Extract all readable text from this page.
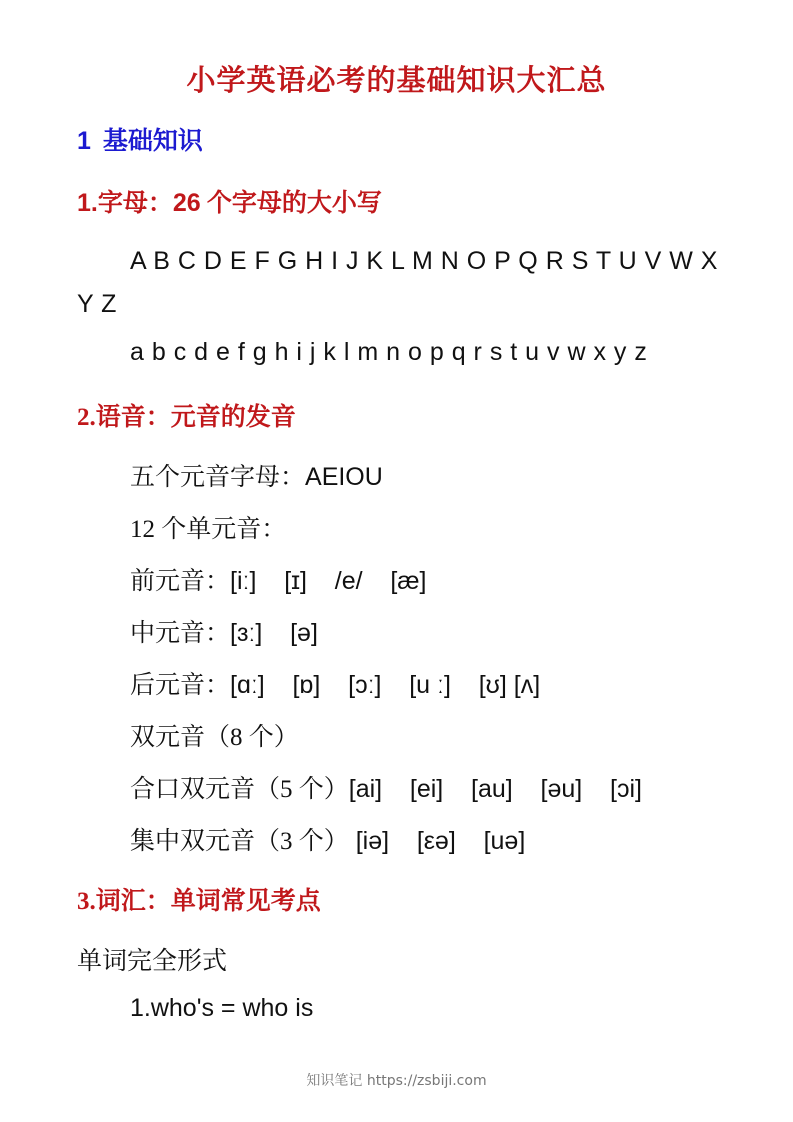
小学英语必考的基础知识大汇总
1 基础知识
1.字母：26 个字母的大小写
A B C D E F G H I J K L M N O P Q R S T U V W X Y Z
a b c d e f g h i j k l m n o p q r s t u v w x y z
2.语音：元音的发音
五个元音字母：AEIOU
12 个单元音：
前元音：[iː]    [ɪ]    /e/    [æ]
中元音：[ɜː]    [ə]
后元音：[ɑː]    [ɒ]    [ɔː]    [u ː]    [ʊ] [ʌ]
双元音（8 个）
合口双元音（5 个）[ai]    [ei]    [au]    [əu]    [ɔi]
集中双元音（3 个） [iə]    [εə]    [uə]
3.词汇：单词常见考点
单词完全形式
1.who's = who is
知识笔记 https://zsbiji.com
